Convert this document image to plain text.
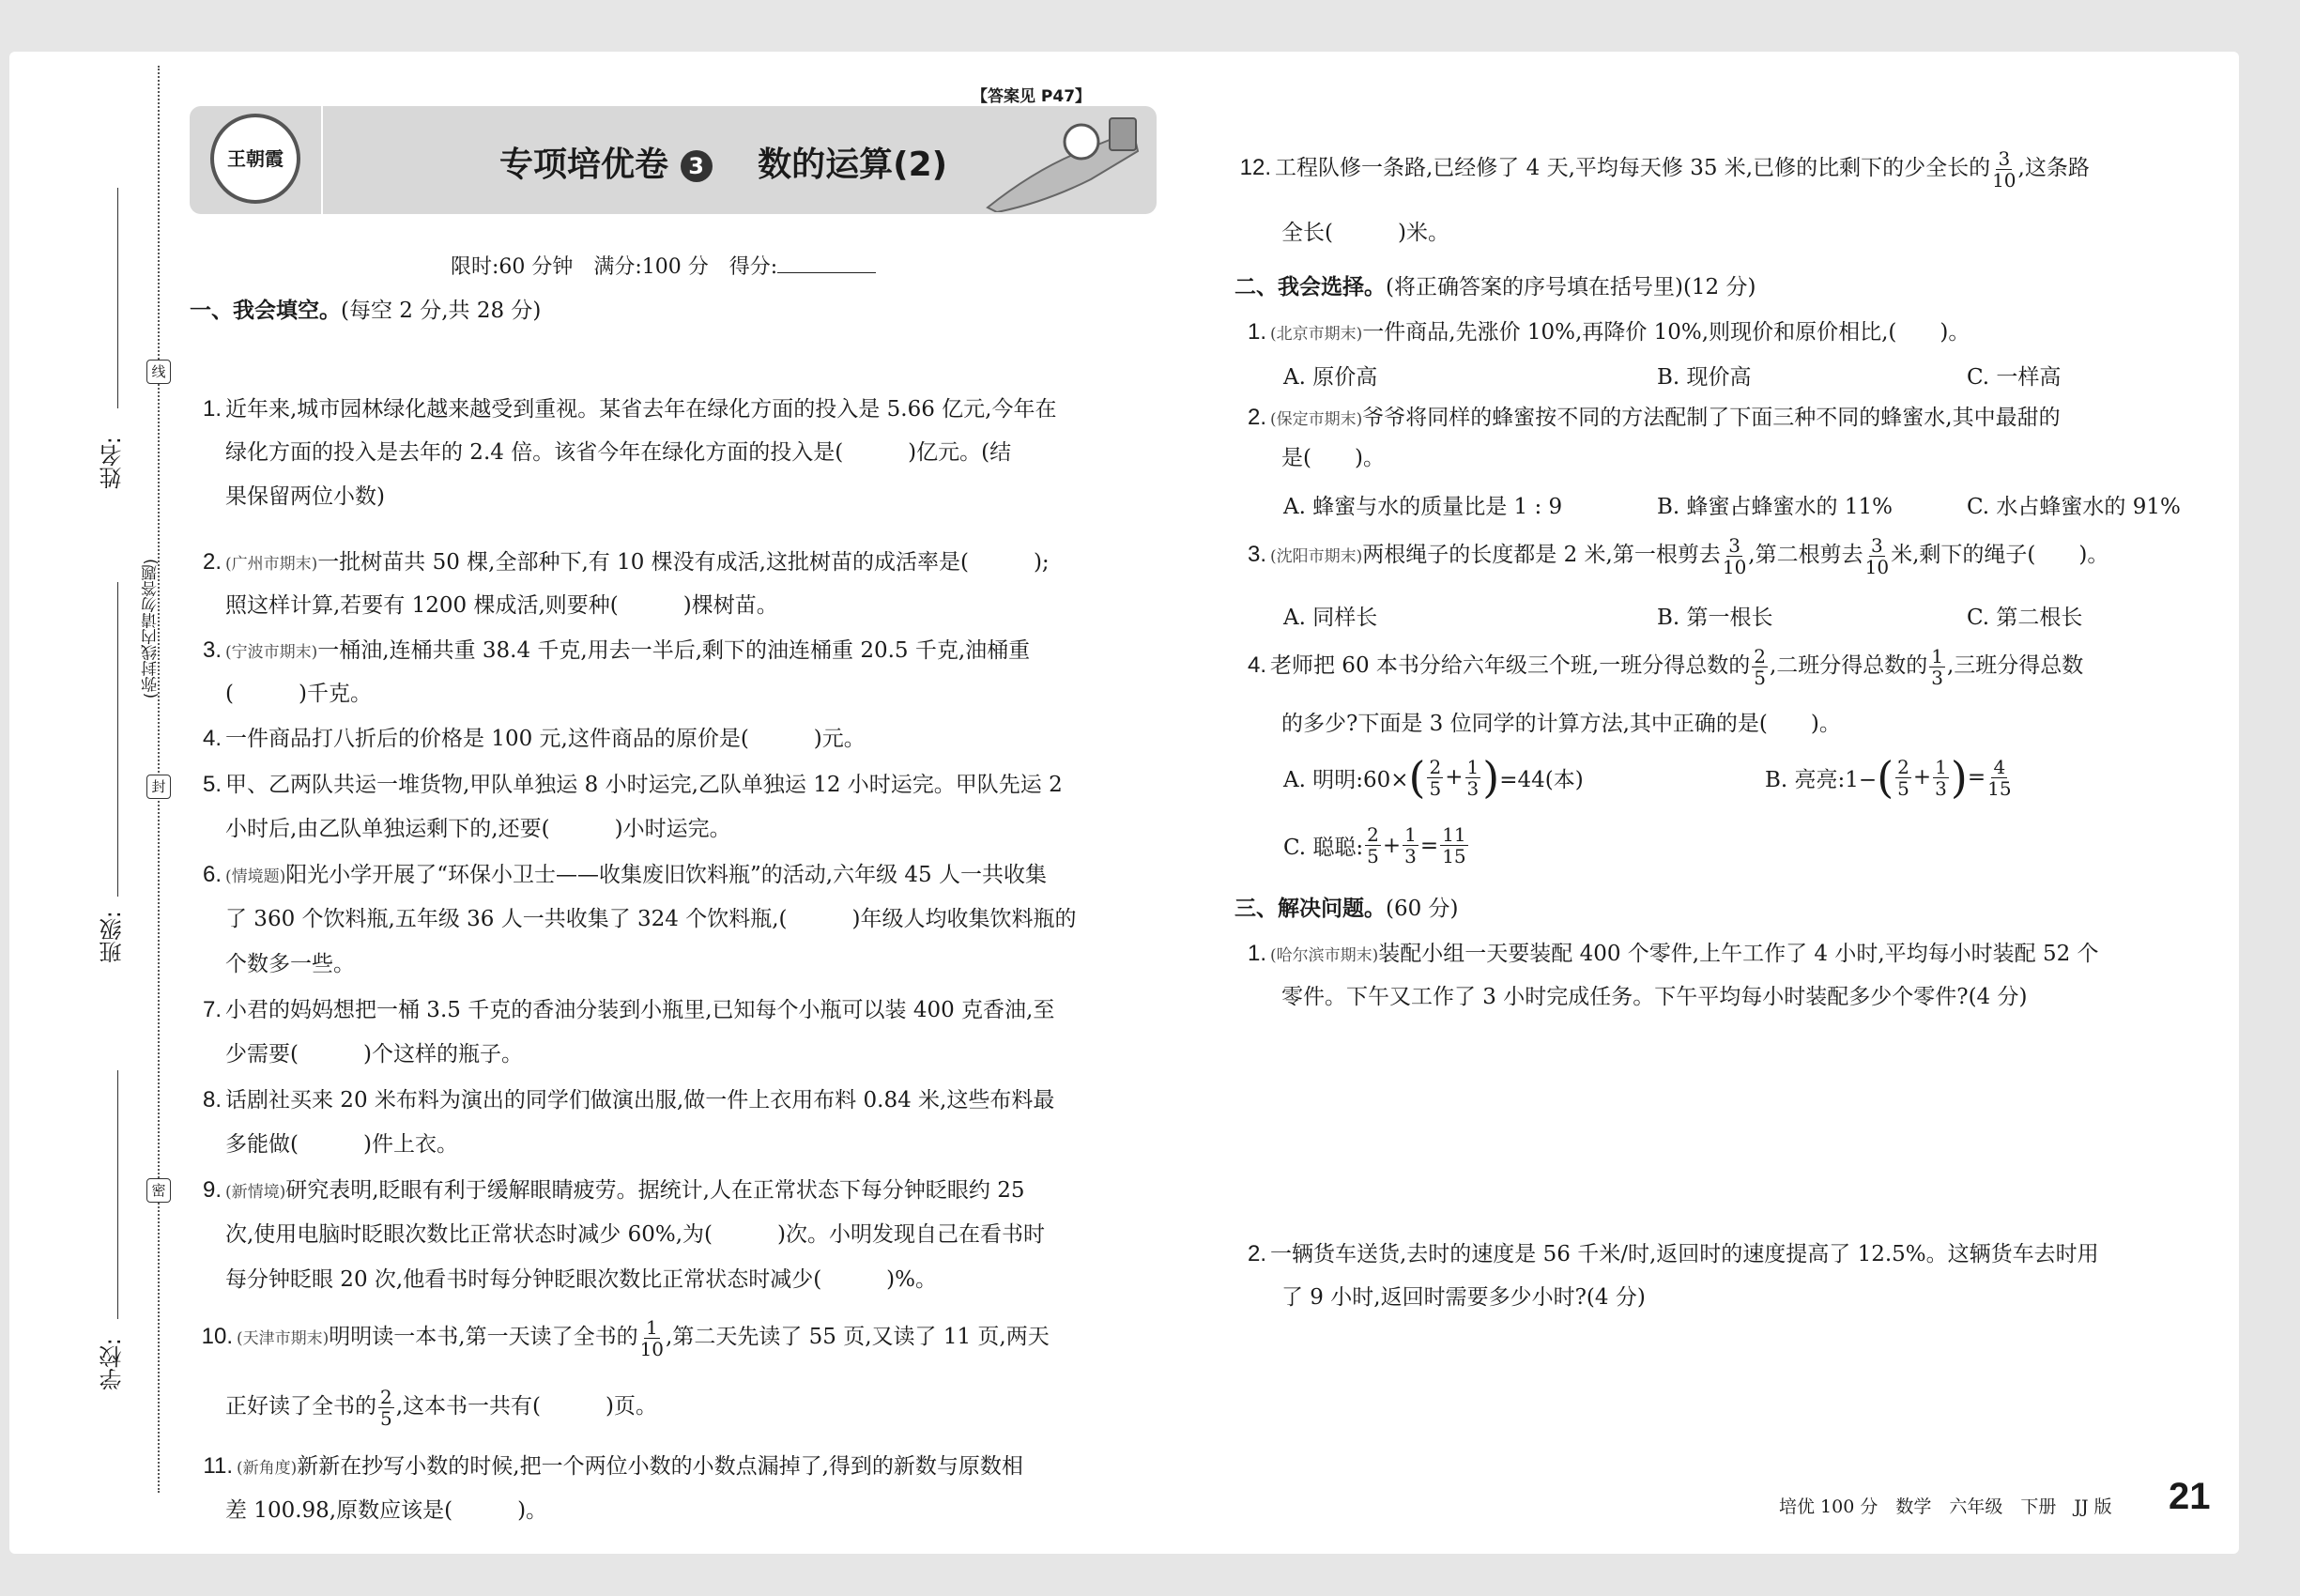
姓名:
班级:
学校:
(弥封线内请勿答题)
线
封
密
王朝霞	专项培优卷 3 数的运算(2)
【答案见 P47】
限时:60 分钟　满分:100 分　得分:
一、我会填空。(每空 2 分,共 28 分)
1. 近年来,城市园林绿化越来越受到重视。某省去年在绿化方面的投入是 5.66 亿元,今年在
绿化方面的投入是去年的 2.4 倍。该省今年在绿化方面的投入是(　　　)亿元。(结
果保留两位小数)
2. (广州市期末)一批树苗共 50 棵,全部种下,有 10 棵没有成活,这批树苗的成活率是(　　　);
照这样计算,若要有 1200 棵成活,则要种(　　　)棵树苗。
3. (宁波市期末)一桶油,连桶共重 38.4 千克,用去一半后,剩下的油连桶重 20.5 千克,油桶重
(　　　)千克。
4. 一件商品打八折后的价格是 100 元,这件商品的原价是(　　　)元。
5. 甲、乙两队共运一堆货物,甲队单独运 8 小时运完,乙队单独运 12 小时运完。甲队先运 2
小时后,由乙队单独运剩下的,还要(　　　)小时运完。
6. (情境题)阳光小学开展了“环保小卫士——收集废旧饮料瓶”的活动,六年级 45 人一共收集
了 360 个饮料瓶,五年级 36 人一共收集了 324 个饮料瓶,(　　　)年级人均收集饮料瓶的
个数多一些。
7. 小君的妈妈想把一桶 3.5 千克的香油分装到小瓶里,已知每个小瓶可以装 400 克香油,至
少需要(　　　)个这样的瓶子。
8. 话剧社买来 20 米布料为演出的同学们做演出服,做一件上衣用布料 0.84 米,这些布料最
多能做(　　　)件上衣。
9. (新情境)研究表明,眨眼有利于缓解眼睛疲劳。据统计,人在正常状态下每分钟眨眼约 25
次,使用电脑时眨眼次数比正常状态时减少 60%,为(　　　)次。小明发现自己在看书时
每分钟眨眼 20 次,他看书时每分钟眨眼次数比正常状态时减少(　　　)%。
10. (天津市期末)明明读一本书,第一天读了全书的 $\frac{1}{10}$ ,第二天先读了 55 页,又读了 11 页,两天
正好读了全书的 $\frac{2}{5}$ ,这本书一共有(　　　)页。
11. (新角度)新新在抄写小数的时候,把一个两位小数的小数点漏掉了,得到的新数与原数相
差 100.98,原数应该是(　　　)。
12. 工程队修一条路,已经修了 4 天,平均每天修 35 米,已修的比剩下的少全长的 $\frac{3}{10}$ ,这条路
全长(　　　)米。
二、我会选择。(将正确答案的序号填在括号里)(12 分)
1. (北京市期末)一件商品,先涨价 10%,再降价 10%,则现价和原价相比,(　　)。
A. 原价高	B. 现价高	C. 一样高
2. (保定市期末)爷爷将同样的蜂蜜按不同的方法配制了下面三种不同的蜂蜜水,其中最甜的
是(　　)。
A. 蜂蜜与水的质量比是 1 : 9	B. 蜂蜜占蜂蜜水的 11%	C. 水占蜂蜜水的 91%
3. (沈阳市期末)两根绳子的长度都是 2 米,第一根剪去 $\frac{3}{10}$ ,第二根剪去 $\frac{3}{10}$ 米,剩下的绳子(　　)。
A. 同样长	B. 第一根长	C. 第二根长
4. 老师把 60 本书分给六年级三个班,一班分得总数的 $\frac{2}{5}$ ,二班分得总数的 $\frac{1}{3}$ ,三班分得总数
的多少?下面是 3 位同学的计算方法,其中正确的是(　　)。
A. 明明:60× ( $\frac{2}{5} + \frac{1}{3}$ ) =44(本)	B. 亮亮:1− ( $\frac{2}{5} + \frac{1}{3}$ ) = $\frac{4}{15}$
C. 聪聪: $\frac{2}{5} + \frac{1}{3} = \frac{11}{15}$
三、解决问题。(60 分)
1. (哈尔滨市期末)装配小组一天要装配 400 个零件,上午工作了 4 小时,平均每小时装配 52 个
零件。下午又工作了 3 小时完成任务。下午平均每小时装配多少个零件?(4 分)
2. 一辆货车送货,去时的速度是 56 千米/时,返回时的速度提高了 12.5%。这辆货车去时用
了 9 小时,返回时需要多少小时?(4 分)
培优 100 分　数学　六年级　下册　JJ 版 21
